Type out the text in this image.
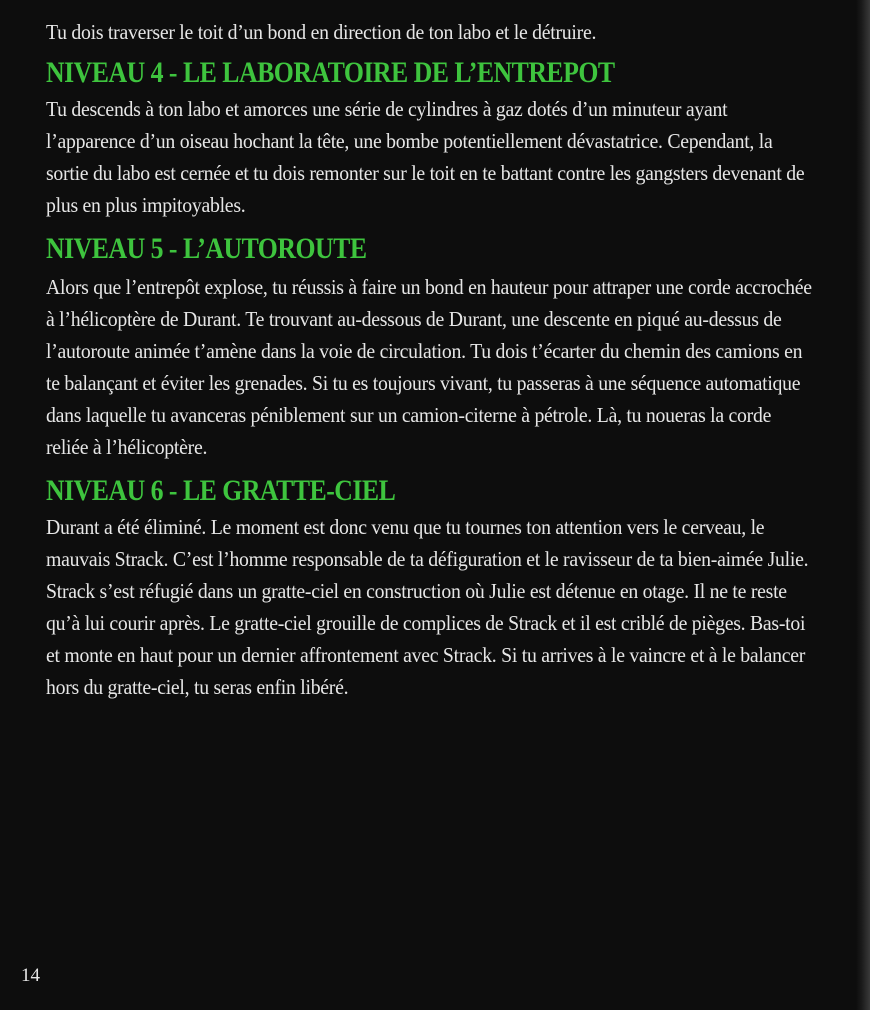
Tu dois traverser le toit d’un bond en direction de ton labo et le détruire.

NIVEAU 4 - LE LABORATOIRE DE L’ENTREPOT

Tu descends à ton labo et amorces une série de cylindres à gaz dotés d’un minuteur ayant l’apparence d’un oiseau hochant la tête, une bombe potentiellement dévastatrice. Cependant, la sortie du labo est cernée et tu dois remonter sur le toit en te battant contre les gangsters devenant de plus en plus impitoyables.

NIVEAU 5 - L’AUTOROUTE

Alors que l’entrepôt explose, tu réussis à faire un bond en hauteur pour attraper une corde accrochée à l’hélicoptère de Durant. Te trouvant au-dessous de Durant, une descente en piqué au-dessus de l’autoroute animée t’amène dans la voie de circulation. Tu dois t’écarter du chemin des camions en te balançant et éviter les grenades. Si tu es toujours vivant, tu passeras à une séquence automatique dans laquelle tu avanceras péniblement sur un camion-citerne à pétrole. Là, tu noueras la corde reliée à l’hélicoptère.

NIVEAU 6 - LE GRATTE-CIEL

Durant a été éliminé. Le moment est donc venu que tu tournes ton attention vers le cerveau, le mauvais Strack. C’est l’homme responsable de ta défiguration et le ravisseur de ta bien-aimée Julie.

Strack s’est réfugié dans un gratte-ciel en construction où Julie est détenue en otage. Il ne te reste qu’à lui courir après. Le gratte-ciel grouille de complices de Strack et il est criblé de pièges. Bas-toi et monte en haut pour un dernier affrontement avec Strack. Si tu arrives à le vaincre et à le balancer hors du gratte-ciel, tu seras enfin libéré.

14
